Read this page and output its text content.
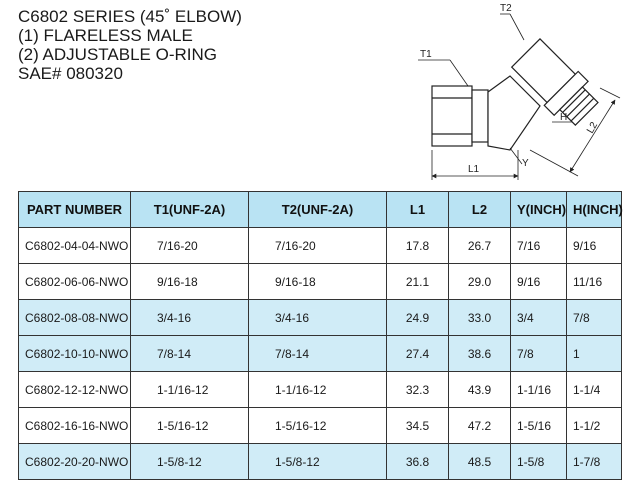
C6802 SERIES (45˚ ELBOW)
(1) FLARELESS MALE
(2) ADJUSTABLE O-RING
SAE# 080320
T2
T1
H
L2
Y
L1
PART NUMBER	T1(UNF-2A)	T2(UNF-2A)	L1	L2	Y(INCH)	H(INCH)
C6802-04-04-NWO	7/16-20	7/16-20	17.8	26.7	7/16	9/16
C6802-06-06-NWO	9/16-18	9/16-18	21.1	29.0	9/16	11/16
C6802-08-08-NWO	3/4-16	3/4-16	24.9	33.0	3/4	7/8
C6802-10-10-NWO	7/8-14	7/8-14	27.4	38.6	7/8	1
C6802-12-12-NWO	1-1/16-12	1-1/16-12	32.3	43.9	1-1/16	1-1/4
C6802-16-16-NWO	1-5/16-12	1-5/16-12	34.5	47.2	1-5/16	1-1/2
C6802-20-20-NWO	1-5/8-12	1-5/8-12	36.8	48.5	1-5/8	1-7/8
